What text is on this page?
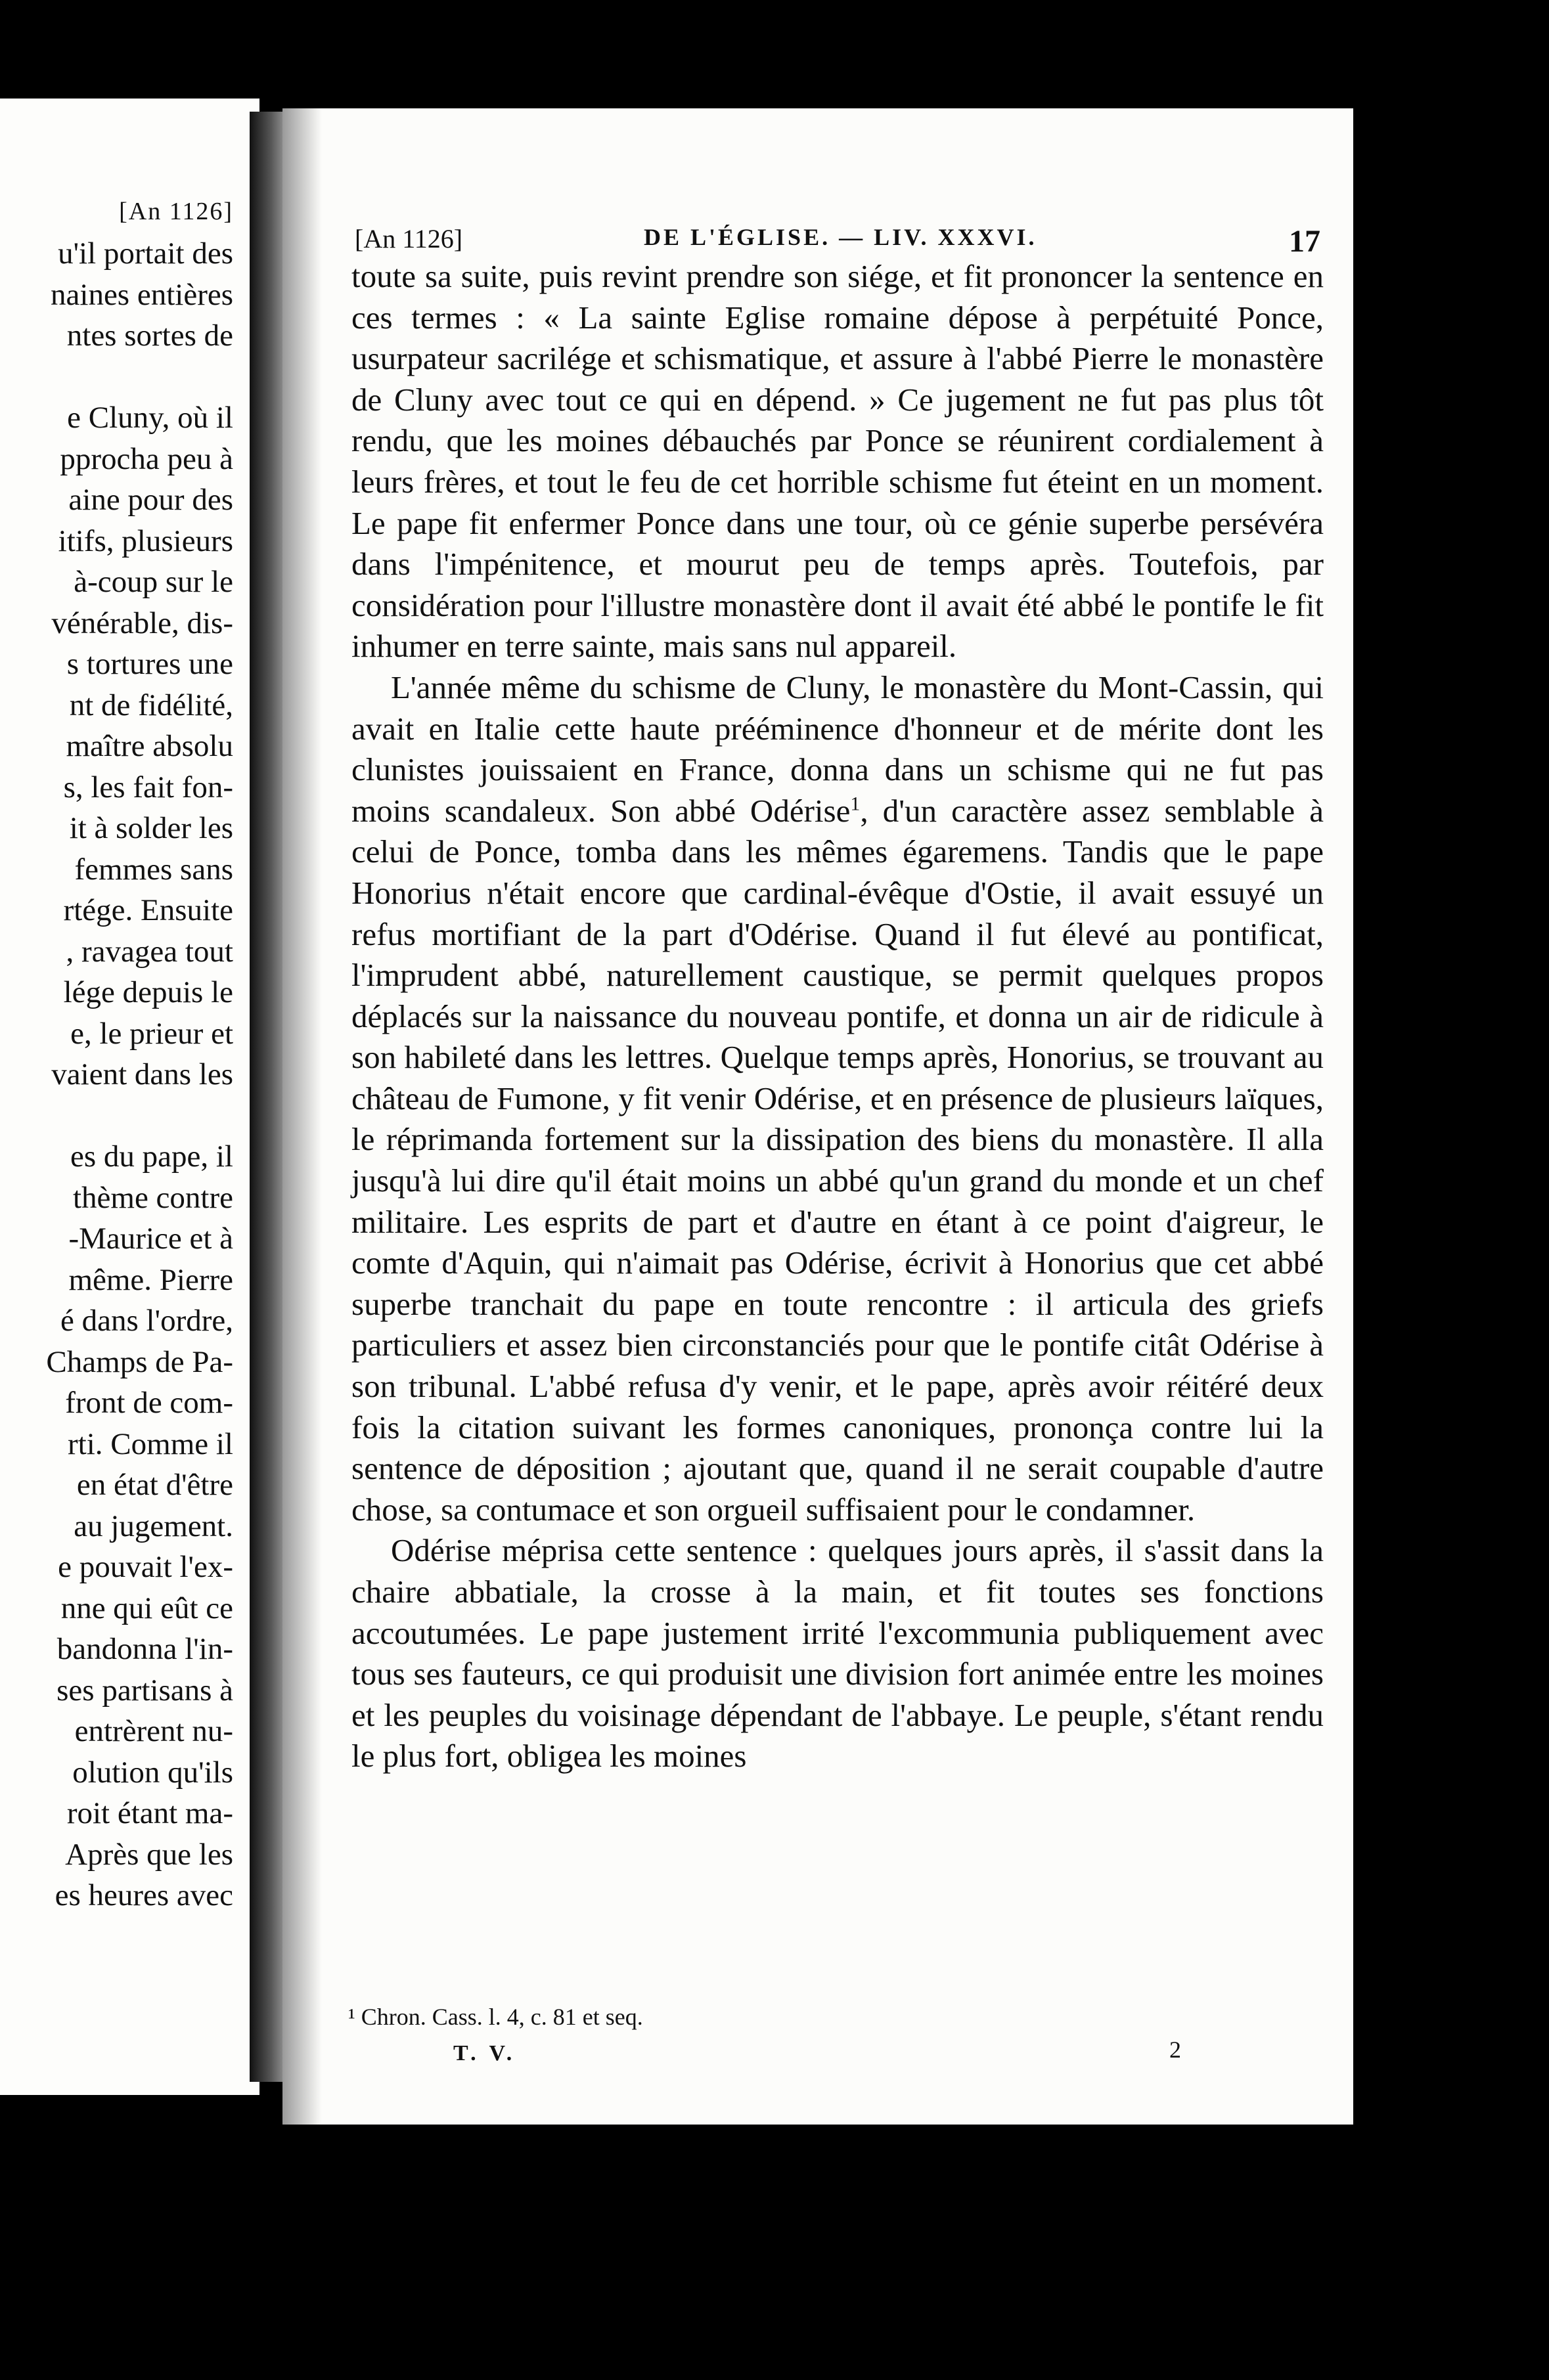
[An 1126]
u'il portait des
naines entières
ntes sortes de

e Cluny, où il
pprocha peu à
aine pour des
itifs, plusieurs
à-coup sur le
vénérable, dis-
s tortures une
nt de fidélité,
maître absolu
s, les fait fon-
it à solder les
femmes sans
rtége. Ensuite
, ravagea tout
lége depuis le
e, le prieur et
vaient dans les

es du pape, il
thème contre
-Maurice et à
même. Pierre
é dans l'ordre,
Champs de Pa-
front de com-
rti. Comme il
en état d'être
au jugement.
e pouvait l'ex-
nne qui eût ce
bandonna l'in-
ses partisans à
entrèrent nu-
olution qu'ils
roit étant ma-
Après que les
es heures avec
[An 1126]	DE L'ÉGLISE. — LIV. XXXVI.	17

toute sa suite, puis revint prendre son siége, et fit prononcer la sentence en ces termes : « La sainte Eglise romaine dépose à perpétuité Ponce, usurpateur sacrilége et schismatique, et assure à l'abbé Pierre le monastère de Cluny avec tout ce qui en dépend. » Ce jugement ne fut pas plus tôt rendu, que les moines débauchés par Ponce se réunirent cordialement à leurs frères, et tout le feu de cet horrible schisme fut éteint en un moment. Le pape fit enfermer Ponce dans une tour, où ce génie superbe persévéra dans l'impénitence, et mourut peu de temps après. Toutefois, par considération pour l'illustre monastère dont il avait été abbé le pontife le fit inhumer en terre sainte, mais sans nul appareil.

L'année même du schisme de Cluny, le monastère du Mont-Cassin, qui avait en Italie cette haute prééminence d'honneur et de mérite dont les clunistes jouissaient en France, donna dans un schisme qui ne fut pas moins scandaleux. Son abbé Odérise$^1$, d'un caractère assez semblable à celui de Ponce, tomba dans les mêmes égaremens. Tandis que le pape Honorius n'était encore que cardinal-évêque d'Ostie, il avait essuyé un refus mortifiant de la part d'Odérise. Quand il fut élevé au pontificat, l'imprudent abbé, naturellement caustique, se permit quelques propos déplacés sur la naissance du nouveau pontife, et donna un air de ridicule à son habileté dans les lettres. Quelque temps après, Honorius, se trouvant au château de Fumone, y fit venir Odérise, et en présence de plusieurs laïques, le réprimanda fortement sur la dissipation des biens du monastère. Il alla jusqu'à lui dire qu'il était moins un abbé qu'un grand du monde et un chef militaire. Les esprits de part et d'autre en étant à ce point d'aigreur, le comte d'Aquin, qui n'aimait pas Odérise, écrivit à Honorius que cet abbé superbe tranchait du pape en toute rencontre : il articula des griefs particuliers et assez bien circonstanciés pour que le pontife citât Odérise à son tribunal. L'abbé refusa d'y venir, et le pape, après avoir réitéré deux fois la citation suivant les formes canoniques, prononça contre lui la sentence de déposition ; ajoutant que, quand il ne serait coupable d'autre chose, sa contumace et son orgueil suffisaient pour le condamner.

Odérise méprisa cette sentence : quelques jours après, il s'assit dans la chaire abbatiale, la crosse à la main, et fit toutes ses fonctions accoutumées. Le pape justement irrité l'excommunia publiquement avec tous ses fauteurs, ce qui produisit une division fort animée entre les moines et les peuples du voisinage dépendant de l'abbaye. Le peuple, s'étant rendu le plus fort, obligea les moines

¹ Chron. Cass. l. 4, c. 81 et seq.
T. V.	2
